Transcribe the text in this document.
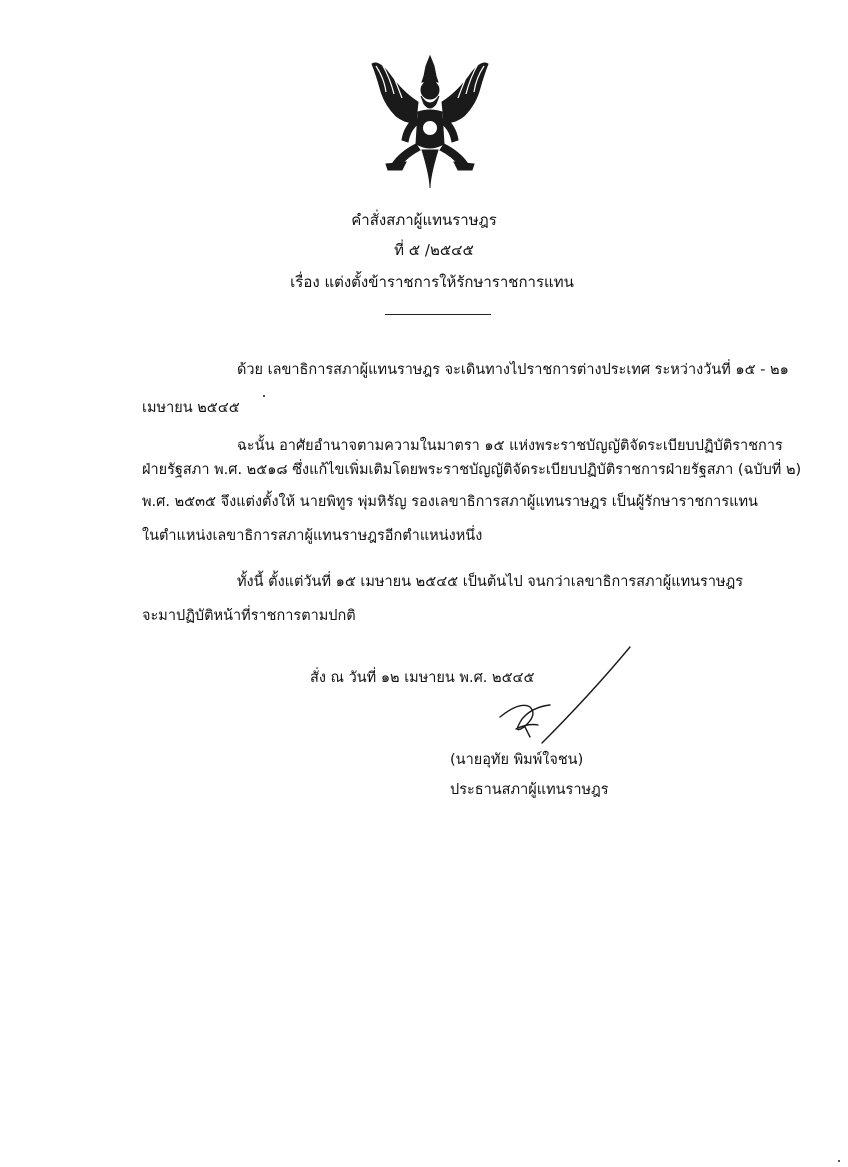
คำสั่งสภาผู้แทนราษฎร
ที่ ๕ /๒๕๔๕
เรื่อง แต่งตั้งข้าราชการให้รักษาราชการแทน
ด้วย เลขาธิการสภาผู้แทนราษฎร จะเดินทางไปราชการต่างประเทศ ระหว่างวันที่ ๑๕ - ๒๑
เมษายน ๒๕๔๕
ฉะนั้น อาศัยอำนาจตามความในมาตรา ๑๕ แห่งพระราชบัญญัติจัดระเบียบปฏิบัติราชการ
ฝ่ายรัฐสภา พ.ศ. ๒๕๑๘ ซึ่งแก้ไขเพิ่มเติมโดยพระราชบัญญัติจัดระเบียบปฏิบัติราชการฝ่ายรัฐสภา (ฉบับที่ ๒)
พ.ศ. ๒๕๓๕ จึงแต่งตั้งให้ นายพิทูร พุ่มหิรัญ รองเลขาธิการสภาผู้แทนราษฎร เป็นผู้รักษาราชการแทน
ในตำแหน่งเลขาธิการสภาผู้แทนราษฎรอีกตำแหน่งหนึ่ง
ทั้งนี้ ตั้งแต่วันที่ ๑๕ เมษายน ๒๕๔๕ เป็นต้นไป จนกว่าเลขาธิการสภาผู้แทนราษฎร
จะมาปฏิบัติหน้าที่ราชการตามปกติ
สั่ง ณ วันที่ ๑๒ เมษายน พ.ศ. ๒๕๔๕
(นายอุทัย พิมพ์ใจชน)
ประธานสภาผู้แทนราษฎร
